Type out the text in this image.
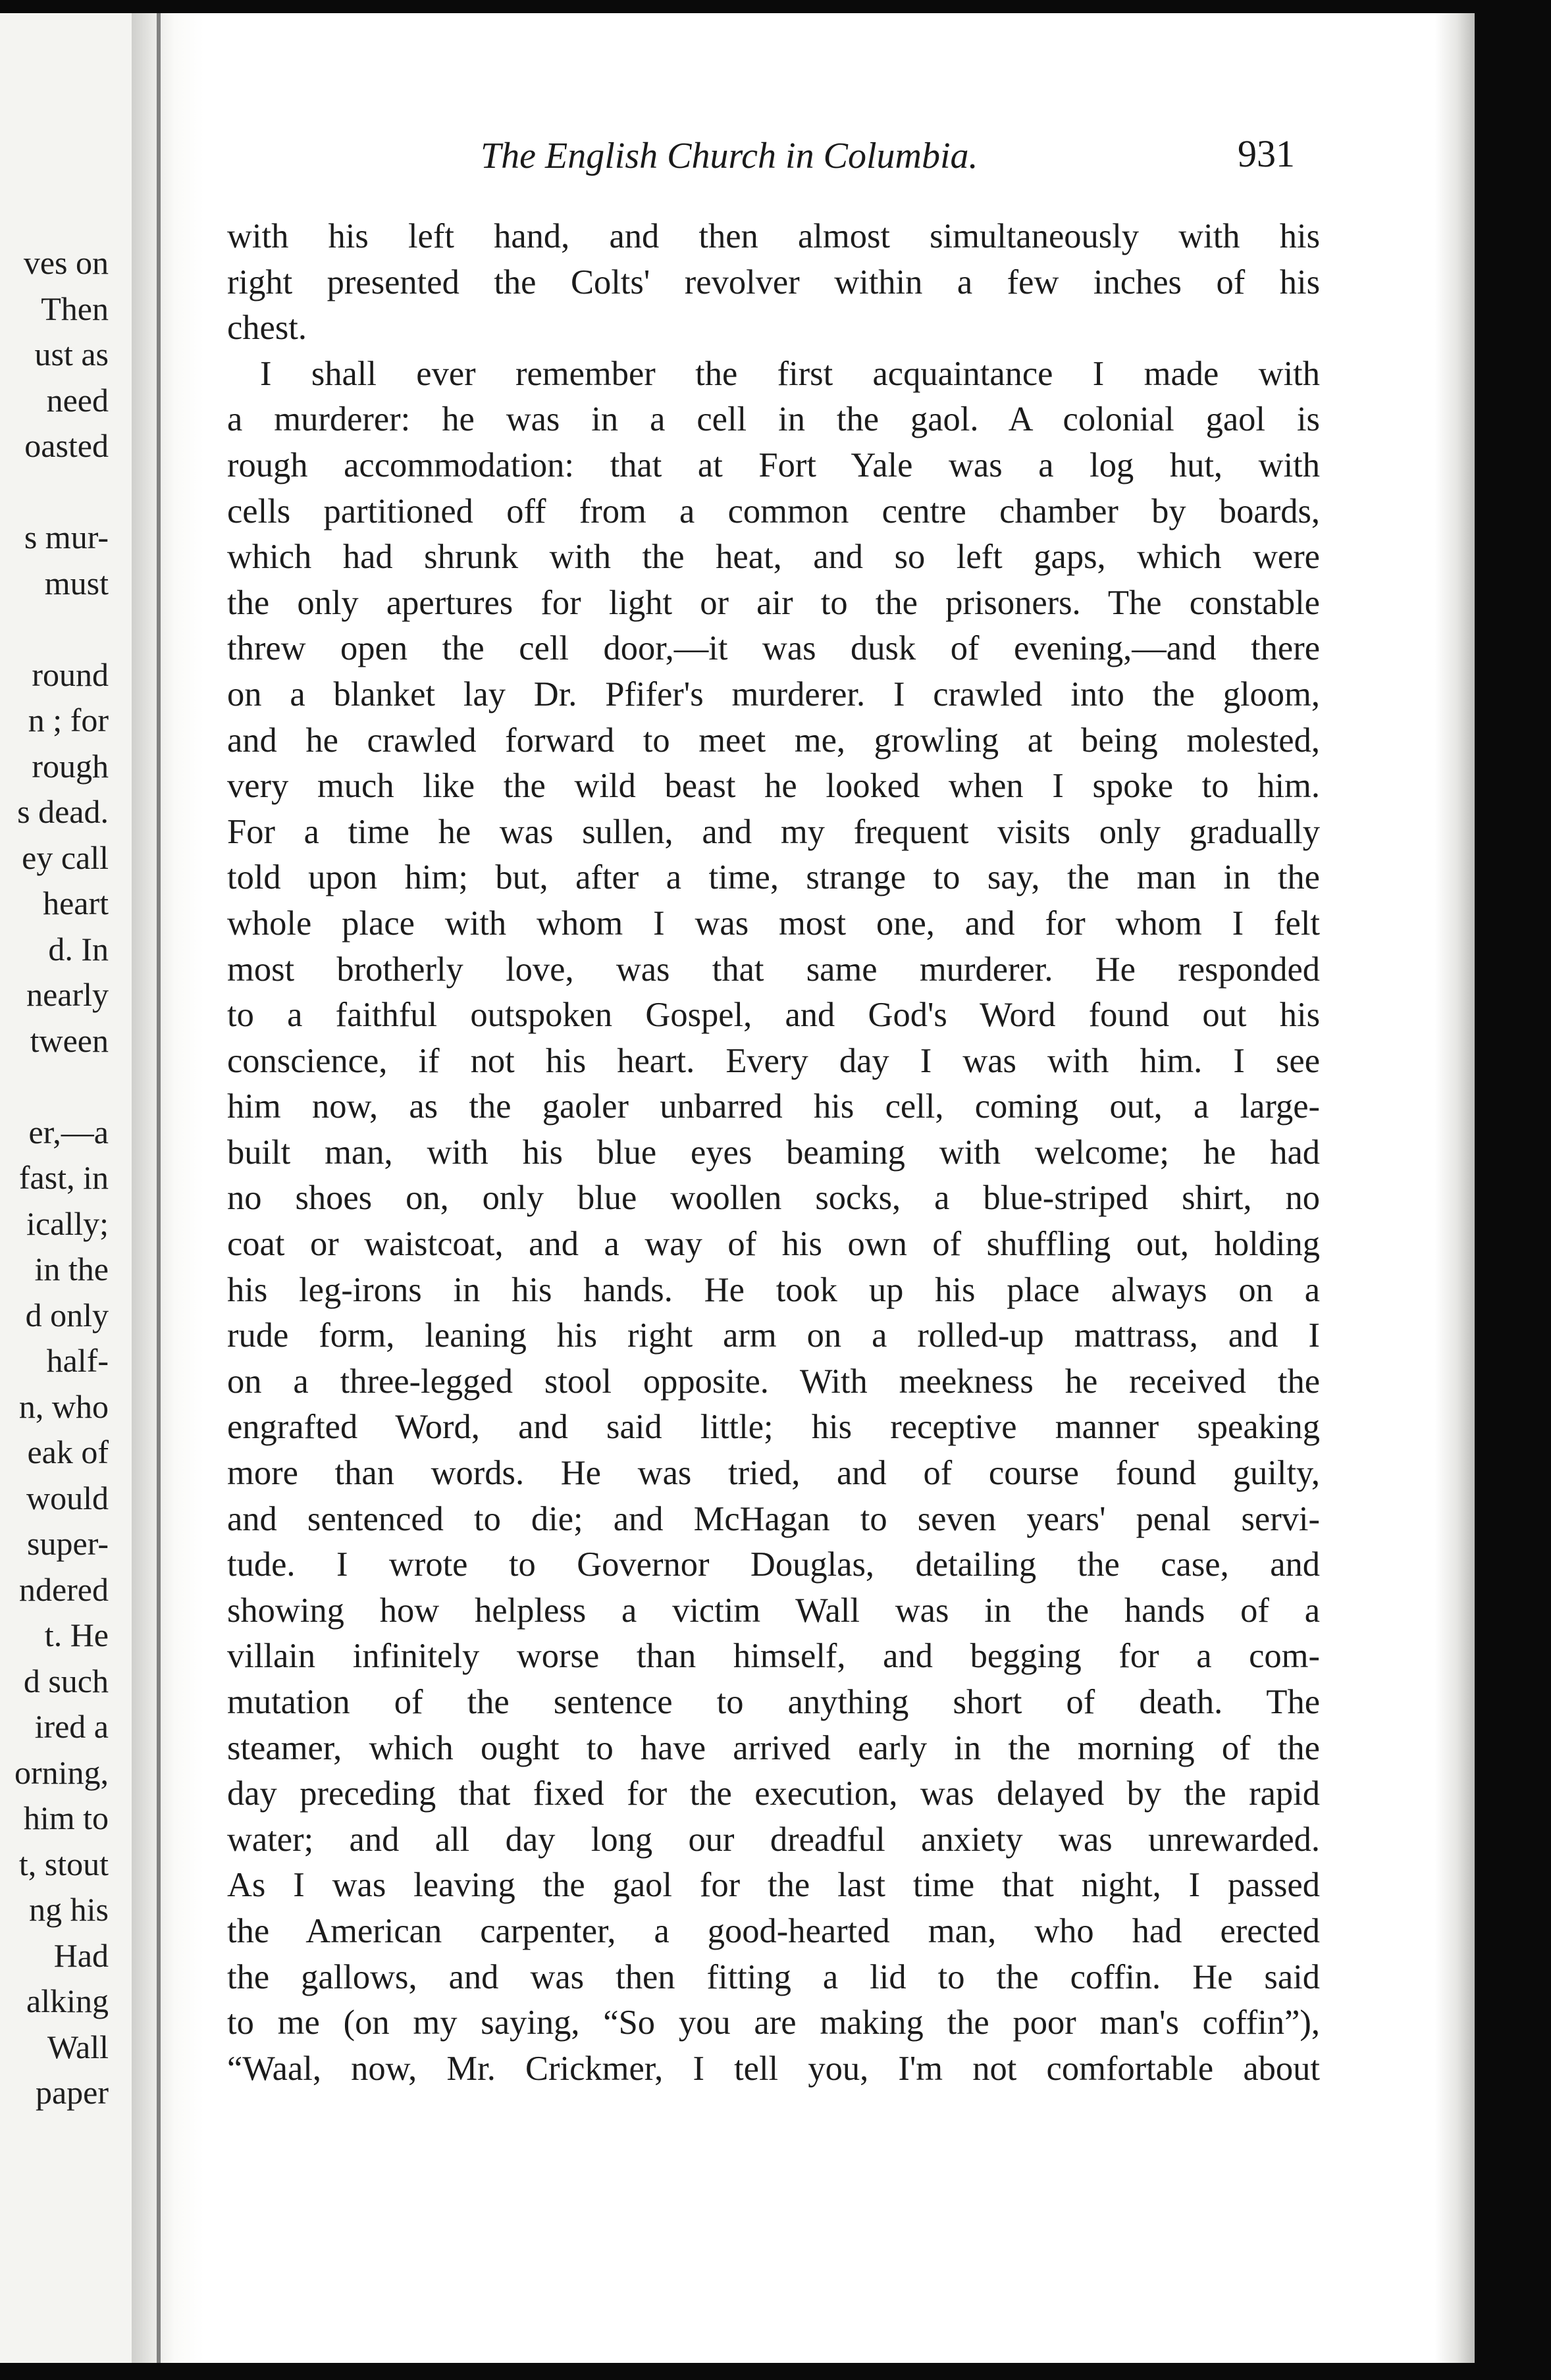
ves on
Then
ust as
need
oasted
s mur-
must
round
n ; for
rough
s dead.
ey call
heart
d. In
nearly
tween
er,—a
fast, in
ically;
in the
d only
half-
n, who
eak of
would
super-
ndered
t. He
d such
ired a
orning,
him to
t, stout
ng his
Had
alking
Wall
paper
The English Church in Columbia.	931
with his left hand, and then almost simultaneously with his
right presented the Colts' revolver within a few inches of his
chest.
I shall ever remember the first acquaintance I made with
a murderer: he was in a cell in the gaol. A colonial gaol is
rough accommodation: that at Fort Yale was a log hut, with
cells partitioned off from a common centre chamber by boards,
which had shrunk with the heat, and so left gaps, which were
the only apertures for light or air to the prisoners. The constable
threw open the cell door,—it was dusk of evening,—and there
on a blanket lay Dr. Pfifer's murderer. I crawled into the gloom,
and he crawled forward to meet me, growling at being molested,
very much like the wild beast he looked when I spoke to him.
For a time he was sullen, and my frequent visits only gradually
told upon him; but, after a time, strange to say, the man in the
whole place with whom I was most one, and for whom I felt
most brotherly love, was that same murderer. He responded
to a faithful outspoken Gospel, and God's Word found out his
conscience, if not his heart. Every day I was with him. I see
him now, as the gaoler unbarred his cell, coming out, a large-
built man, with his blue eyes beaming with welcome; he had
no shoes on, only blue woollen socks, a blue-striped shirt, no
coat or waistcoat, and a way of his own of shuffling out, holding
his leg-irons in his hands. He took up his place always on a
rude form, leaning his right arm on a rolled-up mattrass, and I
on a three-legged stool opposite. With meekness he received the
engrafted Word, and said little; his receptive manner speaking
more than words. He was tried, and of course found guilty,
and sentenced to die; and McHagan to seven years' penal servi-
tude. I wrote to Governor Douglas, detailing the case, and
showing how helpless a victim Wall was in the hands of a
villain infinitely worse than himself, and begging for a com-
mutation of the sentence to anything short of death. The
steamer, which ought to have arrived early in the morning of the
day preceding that fixed for the execution, was delayed by the rapid
water; and all day long our dreadful anxiety was unrewarded.
As I was leaving the gaol for the last time that night, I passed
the American carpenter, a good-hearted man, who had erected
the gallows, and was then fitting a lid to the coffin. He said
to me (on my saying, “So you are making the poor man's coffin”),
“Waal, now, Mr. Crickmer, I tell you, I'm not comfortable about
